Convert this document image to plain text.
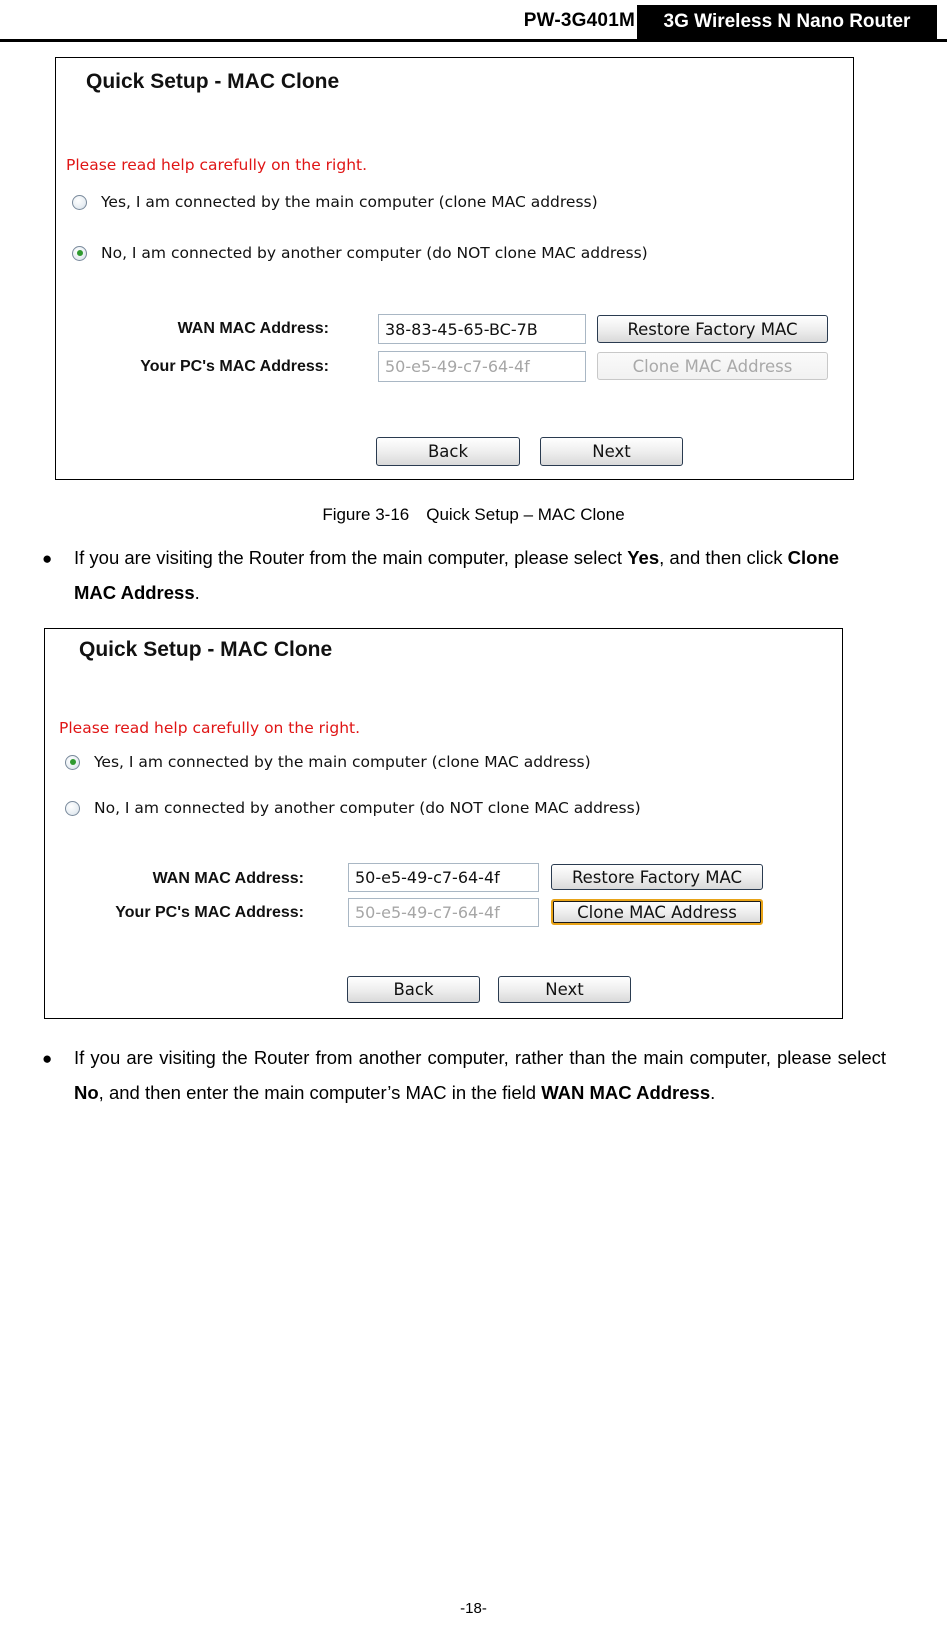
PW-3G401M	3G Wireless N Nano Router
Quick Setup - MAC Clone
Please read help carefully on the right.
Yes, I am connected by the main computer (clone MAC address)
No, I am connected by another computer (do NOT clone MAC address)
WAN MAC Address:	38-83-45-65-BC-7B	Restore Factory MAC
Your PC's MAC Address:	50-e5-49-c7-64-4f	Clone MAC Address
Back	Next
Figure 3-16　Quick Setup – MAC Clone
● If you are visiting the Router from the main computer, please select Yes, and then click Clone MAC Address.
Quick Setup - MAC Clone
Please read help carefully on the right.
Yes, I am connected by the main computer (clone MAC address)
No, I am connected by another computer (do NOT clone MAC address)
WAN MAC Address:	50-e5-49-c7-64-4f	Restore Factory MAC
Your PC's MAC Address:	50-e5-49-c7-64-4f	Clone MAC Address
Back	Next
● If you are visiting the Router from another computer, rather than the main computer, please select No, and then enter the main computer’s MAC in the field WAN MAC Address.
-18-
